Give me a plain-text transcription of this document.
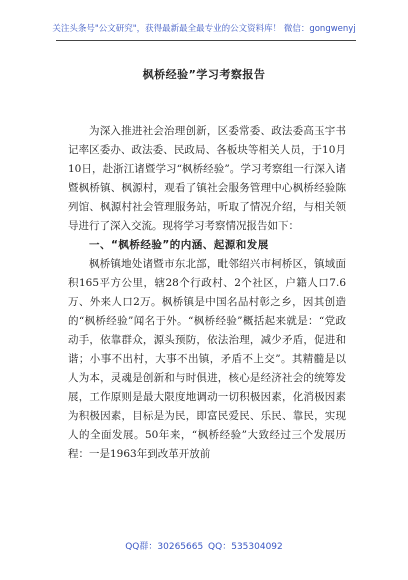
关注头条号"公文研究"，获得最新最全最专业的公文资料库！ 微信：gongwenyj
枫桥经验”学习考察报告

为深入推进社会治理创新，区委常委、政法委高玉宇书记率区委办、政法委、民政局、各板块等相关人员，于10月10日，赴浙江诸暨学习“枫桥经验”。学习考察组一行深入诸暨枫桥镇、枫源村，观看了镇社会服务管理中心枫桥经验陈列馆、枫源村社会管理服务站，听取了情况介绍，与相关领导进行了深入交流。现将学习考察情况报告如下：

一、“枫桥经验”的内涵、起源和发展

枫桥镇地处诸暨市东北部，毗邻绍兴市柯桥区，镇域面积165平方公里，辖28个行政村、2个社区，户籍人口7.6万、外来人口2万。枫桥镇是中国名品村彰之乡，因其创造的“枫桥经验”闻名于外。“枫桥经验”概括起来就是：“党政动手，依靠群众，源头预防，依法治理，减少矛盾，促进和谐；小事不出村，大事不出镇，矛盾不上交”。其精髓是以人为本，灵魂是创新和与时俱进，核心是经济社会的统筹发展，工作原则是最大限度地调动一切积极因素，化消极因素为积极因素，目标是为民，即富民爱民、乐民、靠民，实现人的全面发展。50年来，“枫桥经验”大致经过三个发展历程：一是1963年到改革开放前

QQ群：30265665 QQ：535304092
